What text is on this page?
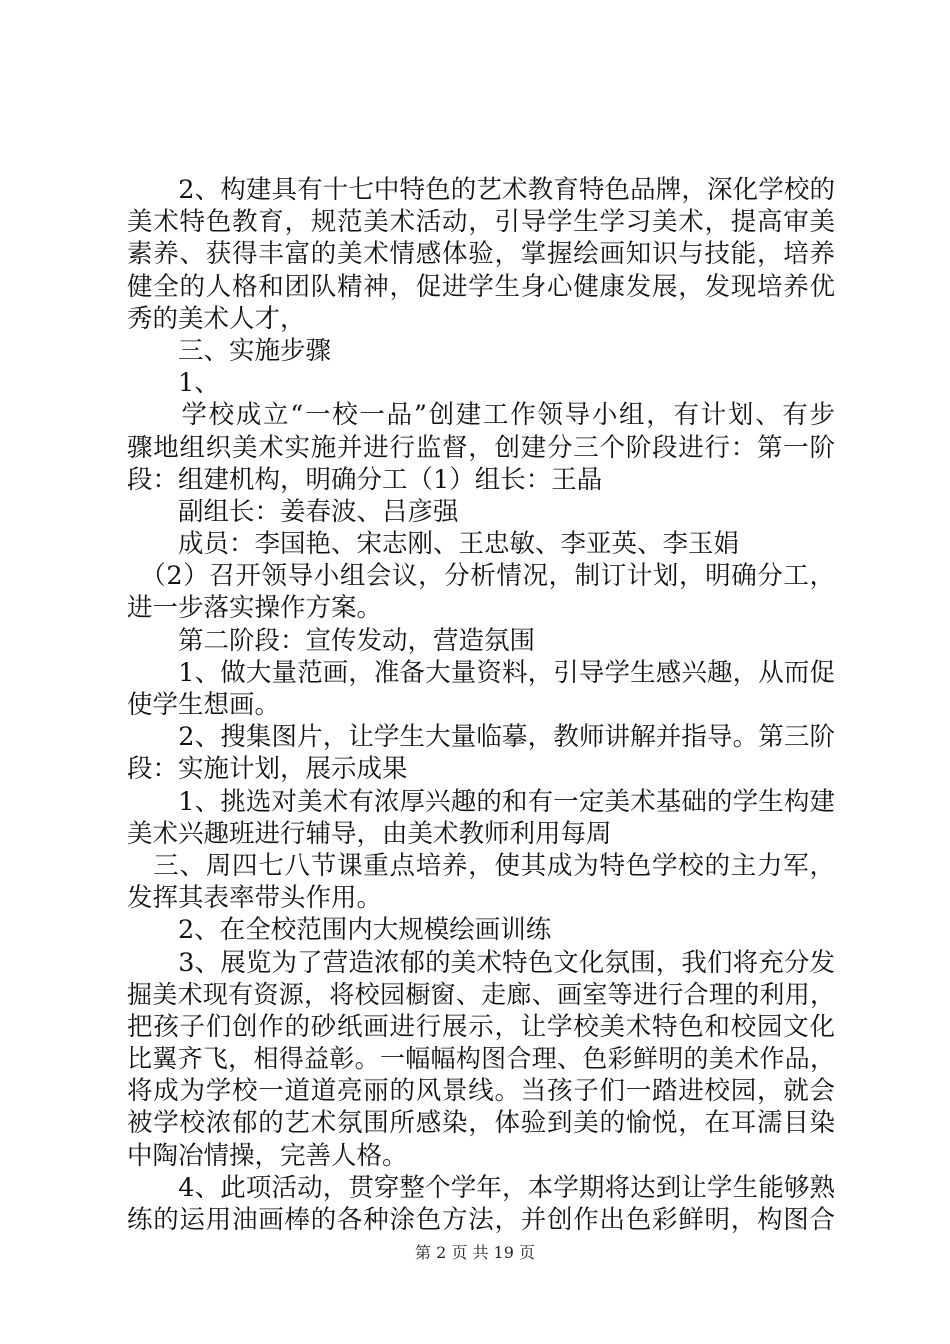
　　2、构建具有十七中特色的艺术教育特色品牌，深化学校的
美术特色教育，规范美术活动，引导学生学习美术，提高审美
素养、获得丰富的美术情感体验，掌握绘画知识与技能，培养
健全的人格和团队精神，促进学生身心健康发展，发现培养优
秀的美术人才，
　　三、实施步骤
　　1、
　　学校成立“一校一品”创建工作领导小组，有计划、有步
骤地组织美术实施并进行监督，创建分三个阶段进行：第一阶
段：组建机构，明确分工（1）组长：王晶
　　副组长：姜春波、吕彦强
　　成员：李国艳、宋志刚、王忠敏、李亚英、李玉娟
　（2）召开领导小组会议，分析情况，制订计划，明确分工，
进一步落实操作方案。
　　第二阶段：宣传发动，营造氛围
　　1、做大量范画，准备大量资料，引导学生感兴趣，从而促
使学生想画。
　　2、搜集图片，让学生大量临摹，教师讲解并指导。第三阶
段：实施计划，展示成果
　　1、挑选对美术有浓厚兴趣的和有一定美术基础的学生构建
美术兴趣班进行辅导，由美术教师利用每周
　三、周四七八节课重点培养，使其成为特色学校的主力军，
发挥其表率带头作用。
　　2、在全校范围内大规模绘画训练
　　3、展览为了营造浓郁的美术特色文化氛围，我们将充分发
掘美术现有资源，将校园橱窗、走廊、画室等进行合理的利用，
把孩子们创作的砂纸画进行展示，让学校美术特色和校园文化
比翼齐飞，相得益彰。一幅幅构图合理、色彩鲜明的美术作品，
将成为学校一道道亮丽的风景线。当孩子们一踏进校园，就会
被学校浓郁的艺术氛围所感染，体验到美的愉悦，在耳濡目染
中陶冶情操，完善人格。
　　4、此项活动，贯穿整个学年，本学期将达到让学生能够熟
练的运用油画棒的各种涂色方法，并创作出色彩鲜明，构图合
第 2 页 共 19 页
